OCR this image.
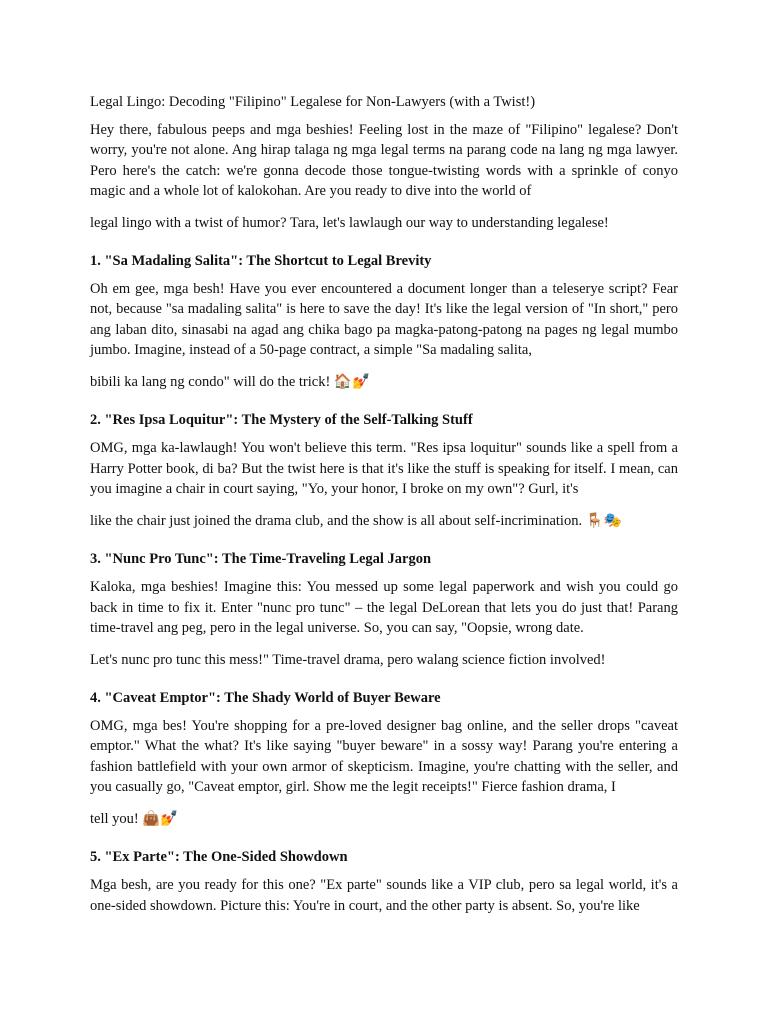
Legal Lingo: Decoding "Filipino" Legalese for Non-Lawyers (with a Twist!)

Hey there, fabulous peeps and mga beshies! Feeling lost in the maze of "Filipino" legalese? Don't worry, you're not alone. Ang hirap talaga ng mga legal terms na parang code na lang ng mga lawyer. Pero here's the catch: we're gonna decode those tongue-twisting words with a sprinkle of conyo magic and a whole lot of kalokohan. Are you ready to dive into the world of

legal lingo with a twist of humor? Tara, let's lawlaugh our way to understanding legalese!

1. "Sa Madaling Salita": The Shortcut to Legal Brevity

Oh em gee, mga besh! Have you ever encountered a document longer than a teleserye script? Fear not, because "sa madaling salita" is here to save the day! It's like the legal version of "In short," pero ang laban dito, sinasabi na agad ang chika bago pa magka-patong-patong na pages ng legal mumbo jumbo. Imagine, instead of a 50-page contract, a simple "Sa madaling salita,

bibili ka lang ng condo" will do the trick! 🏠💅

2. "Res Ipsa Loquitur": The Mystery of the Self-Talking Stuff

OMG, mga ka-lawlaugh! You won't believe this term. "Res ipsa loquitur" sounds like a spell from a Harry Potter book, di ba? But the twist here is that it's like the stuff is speaking for itself. I mean, can you imagine a chair in court saying, "Yo, your honor, I broke on my own"? Gurl, it's

like the chair just joined the drama club, and the show is all about self-incrimination. 🪑🎭

3. "Nunc Pro Tunc": The Time-Traveling Legal Jargon

Kaloka, mga beshies! Imagine this: You messed up some legal paperwork and wish you could go back in time to fix it. Enter "nunc pro tunc" – the legal DeLorean that lets you do just that! Parang time-travel ang peg, pero in the legal universe. So, you can say, "Oopsie, wrong date.

Let's nunc pro tunc this mess!" Time-travel drama, pero walang science fiction involved!

4. "Caveat Emptor": The Shady World of Buyer Beware

OMG, mga bes! You're shopping for a pre-loved designer bag online, and the seller drops "caveat emptor." What the what? It's like saying "buyer beware" in a sossy way! Parang you're entering a fashion battlefield with your own armor of skepticism. Imagine, you're chatting with the seller, and you casually go, "Caveat emptor, girl. Show me the legit receipts!" Fierce fashion drama, I

tell you! 👜💅

5. "Ex Parte": The One-Sided Showdown

Mga besh, are you ready for this one? "Ex parte" sounds like a VIP club, pero sa legal world, it's a one-sided showdown. Picture this: You're in court, and the other party is absent. So, you're like
